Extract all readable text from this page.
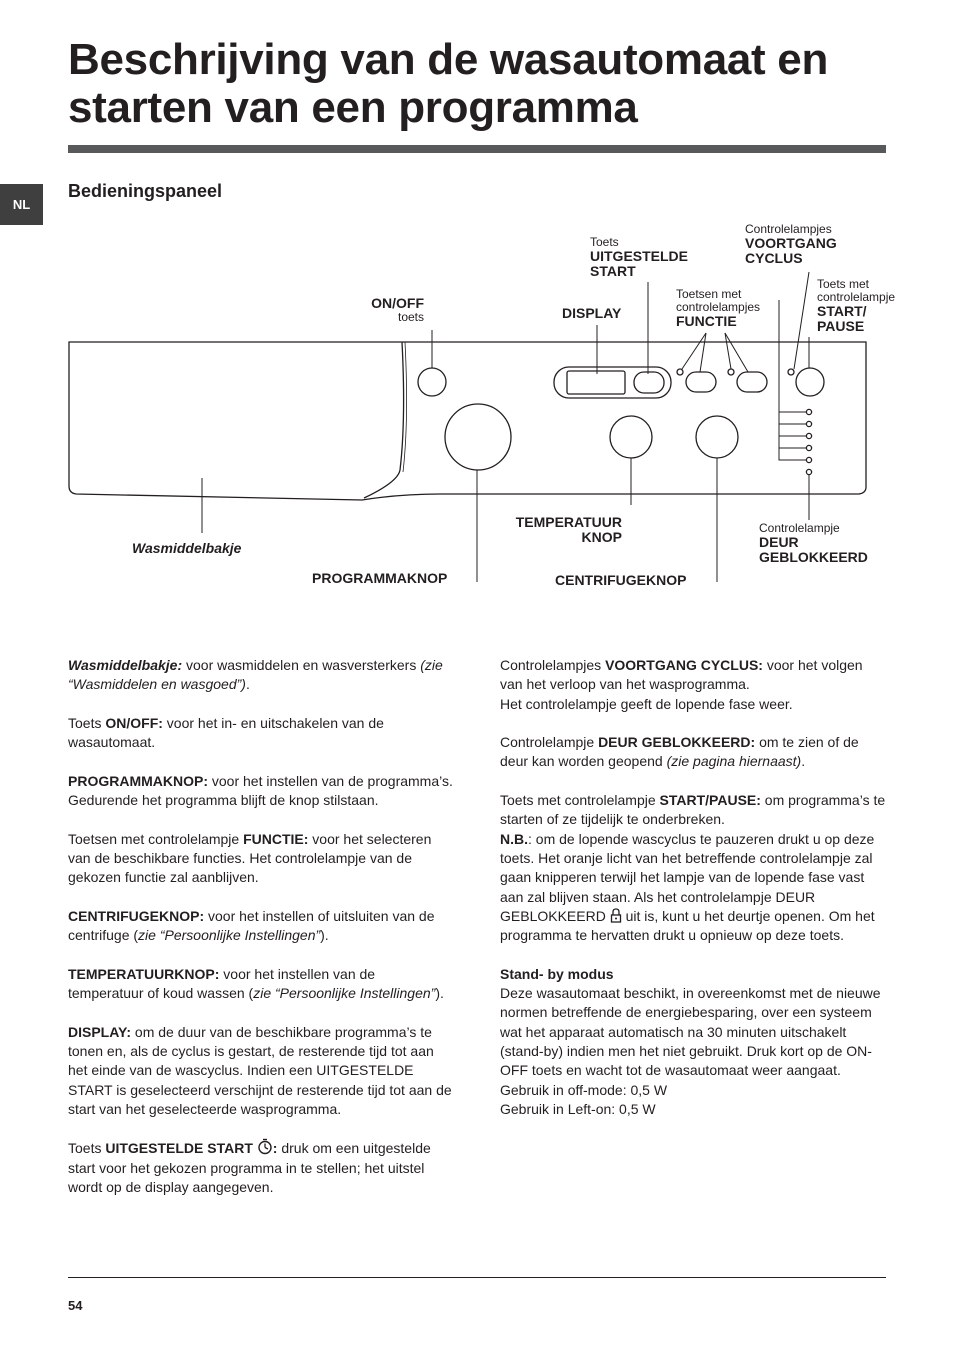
Beschrijving van de wasautomaat en starten van een programma
NL
Bedieningspaneel
ON/OFF
toets	DISPLAY
Toets
UITGESTELDE
START
Toetsen met
controlelampjes
FUNCTIE
Controlelampjes
VOORTGANG
CYCLUS
Toets met
controlelampje
START/
PAUSE
Wasmiddelbakje
PROGRAMMAKNOP
TEMPERATUUR
KNOP
CENTRIFUGEKNOP
Controlelampje
DEUR
GEBLOKKEERD

Wasmiddelbakje: voor wasmiddelen en wasversterkers (zie “Wasmiddelen en wasgoed”).

Toets ON/OFF: voor het in- en uitschakelen van de wasautomaat.

PROGRAMMAKNOP: voor het instellen van de programma’s. Gedurende het programma blijft de knop stilstaan.

Toetsen met controlelampje FUNCTIE: voor het selecteren van de beschikbare functies. Het controlelampje van de gekozen functie zal aanblijven.

CENTRIFUGEKNOP: voor het instellen of uitsluiten van de centrifuge (zie “Persoonlijke Instellingen”).

TEMPERATUURKNOP: voor het instellen van de temperatuur of koud wassen (zie “Persoonlijke Instellingen”).

DISPLAY: om de duur van de beschikbare programma’s te tonen en, als de cyclus is gestart, de resterende tijd tot aan het einde van de wascyclus. Indien een UITGESTELDE START is geselecteerd verschijnt de resterende tijd tot aan de start van het geselecteerde wasprogramma.

Toets UITGESTELDE START : druk om een uitgestelde start voor het gekozen programma in te stellen; het uitstel wordt op de display aangegeven.

Controlelampjes VOORTGANG CYCLUS: voor het volgen van het verloop van het wasprogramma.
Het controlelampje geeft de lopende fase weer.

Controlelampje DEUR GEBLOKKEERD: om te zien of de deur kan worden geopend (zie pagina hiernaast).

Toets met controlelampje START/PAUSE: om programma’s te starten of ze tijdelijk te onderbreken.
N.B.: om de lopende wascyclus te pauzeren drukt u op deze toets. Het oranje licht van het betreffende controlelampje zal gaan knipperen terwijl het lampje van de lopende fase vast aan zal blijven staan. Als het controlelampje DEUR GEBLOKKEERD  uit is, kunt u het deurtje openen. Om het programma te hervatten drukt u opnieuw op deze toets.

Stand- by modus
Deze wasautomaat beschikt, in overeenkomst met de nieuwe normen betreffende de energiebesparing, over een systeem wat het apparaat automatisch na 30 minuten uitschakelt (stand-by) indien men het niet gebruikt. Druk kort op de ON-OFF toets en wacht tot de wasautomaat weer aangaat.
Gebruik in off-mode: 0,5 W
Gebruik in Left-on: 0,5 W

54
